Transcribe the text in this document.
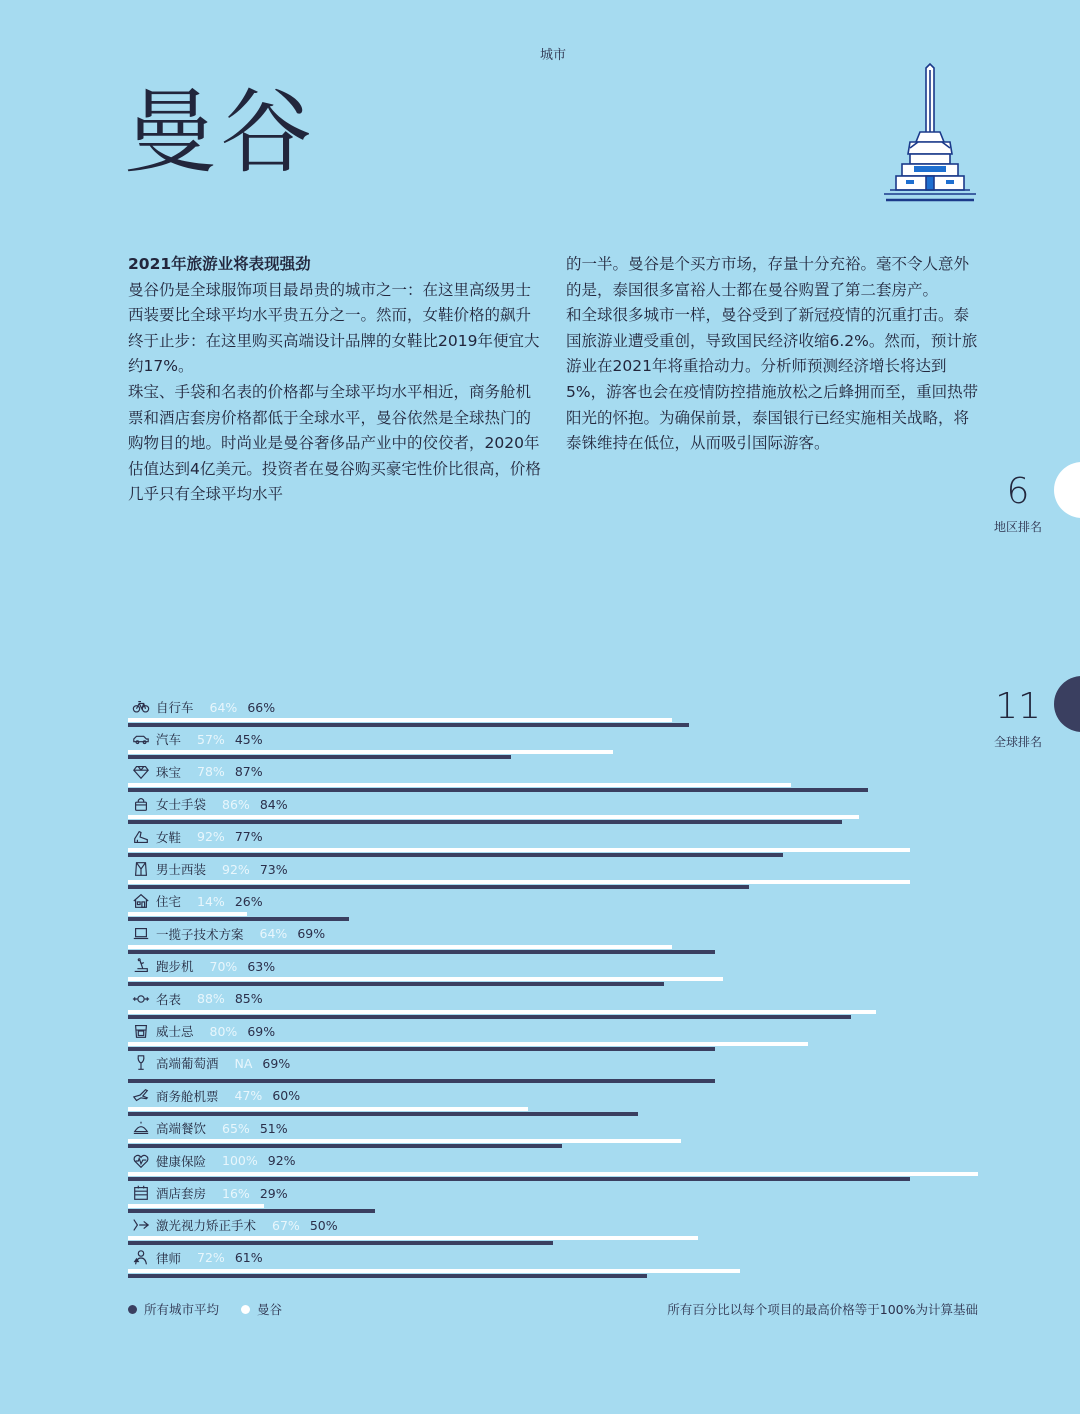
城市
曼谷

2021年旅游业将表现强劲

曼谷仍是全球服饰项目最昂贵的城市之一：在这里高级男士西装要比全球平均水平贵五分之一。然而，女鞋价格的飙升终于止步：在这里购买高端设计品牌的女鞋比2019年便宜大约17%。

珠宝、手袋和名表的价格都与全球平均水平相近，商务舱机票和酒店套房价格都低于全球水平，曼谷依然是全球热门的购物目的地。时尚业是曼谷奢侈品产业中的佼佼者，2020年估值达到4亿美元。投资者在曼谷购买豪宅性价比很高，价格几乎只有全球平均水平

的一半。曼谷是个买方市场，存量十分充裕。毫不令人意外的是，泰国很多富裕人士都在曼谷购置了第二套房产。

和全球很多城市一样，曼谷受到了新冠疫情的沉重打击。泰国旅游业遭受重创，导致国民经济收缩6.2%。然而，预计旅游业在2021年将重拾动力。分析师预测经济增长将达到5%，游客也会在疫情防控措施放松之后蜂拥而至，重回热带阳光的怀抱。为确保前景，泰国银行已经实施相关战略，将泰铢维持在低位，从而吸引国际游客。

6
地区排名
11
全球排名
自行车 64% 66%
汽车 57% 45%
珠宝 78% 87%
女士手袋 86% 84%
女鞋 92% 77%
男士西装 92% 73%
住宅 14% 26%
一揽子技术方案 64% 69%
跑步机 70% 63%
名表 88% 85%
威士忌 80% 69%
高端葡萄酒 NA 69%
商务舱机票 47% 60%
高端餐饮 65% 51%
健康保险 100% 92%
酒店套房 16% 29%
激光视力矫正手术 67% 50%
律师 72% 61%
所有城市平均	曼谷	所有百分比以每个项目的最高价格等于100%为计算基础
